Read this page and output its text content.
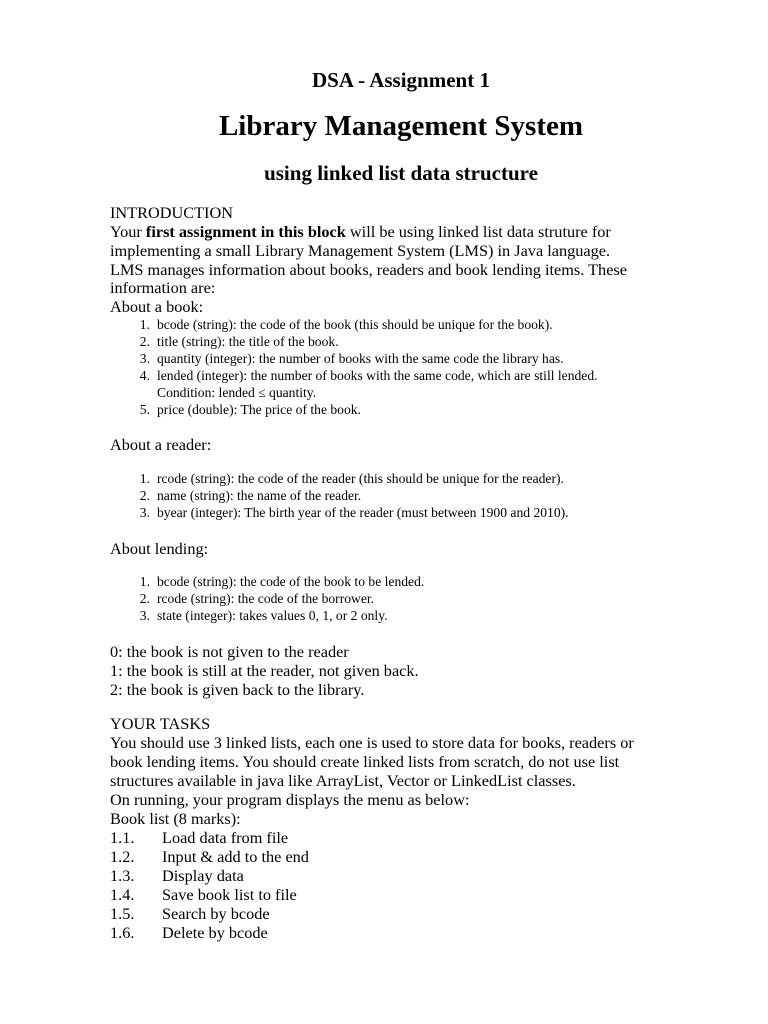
DSA - Assignment 1
Library Management System
using linked list data structure
INTRODUCTION
Your first assignment in this block will be using linked list data struture for
implementing a small Library Management System (LMS) in Java language.
LMS manages information about books, readers and book lending items. These
information are:
About a book:
1. bcode (string): the code of the book (this should be unique for the book).
2. title (string): the title of the book.
3. quantity (integer): the number of books with the same code the library has.
4. lended (integer): the number of books with the same code, which are still lended.
Condition: lended ≤ quantity.
5. price (double): The price of the book.
About a reader:
1. rcode (string): the code of the reader (this should be unique for the reader).
2. name (string): the name of the reader.
3. byear (integer): The birth year of the reader (must between 1900 and 2010).
About lending:
1. bcode (string): the code of the book to be lended.
2. rcode (string): the code of the borrower.
3. state (integer): takes values 0, 1, or 2 only.
0: the book is not given to the reader
1: the book is still at the reader, not given back.
2: the book is given back to the library.
YOUR TASKS
You should use 3 linked lists, each one is used to store data for books, readers or
book lending items. You should create linked lists from scratch, do not use list
structures available in java like ArrayList, Vector or LinkedList classes.
On running, your program displays the menu as below:
Book list (8 marks):
1.1. Load data from file
1.2. Input & add to the end
1.3. Display data
1.4. Save book list to file
1.5. Search by bcode
1.6. Delete by bcode
